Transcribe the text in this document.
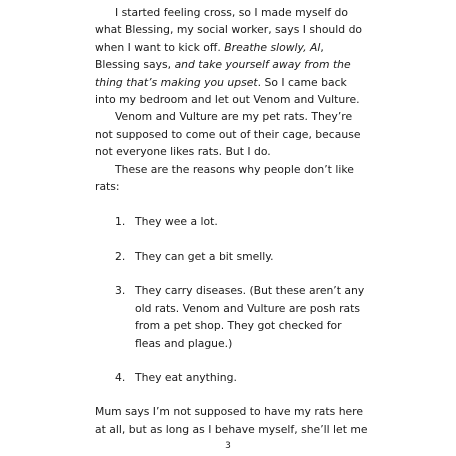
I started feeling cross, so I made myself do what Blessing, my social worker, says I should do when I want to kick off. Breathe slowly, Al, Blessing says, and take yourself away from the thing that’s making you upset. So I came back into my bedroom and let out Venom and Vulture.

Venom and Vulture are my pet rats. They’re not supposed to come out of their cage, because not everyone likes rats. But I do.

These are the reasons why people don’t like rats:

1. They wee a lot.
2. They can get a bit smelly.
3. They carry diseases. (But these aren’t any old rats. Venom and Vulture are posh rats from a pet shop. They got checked for fleas and plague.)
4. They eat anything.

Mum says I’m not supposed to have my rats here at all, but as long as I behave myself, she’ll let me

3
